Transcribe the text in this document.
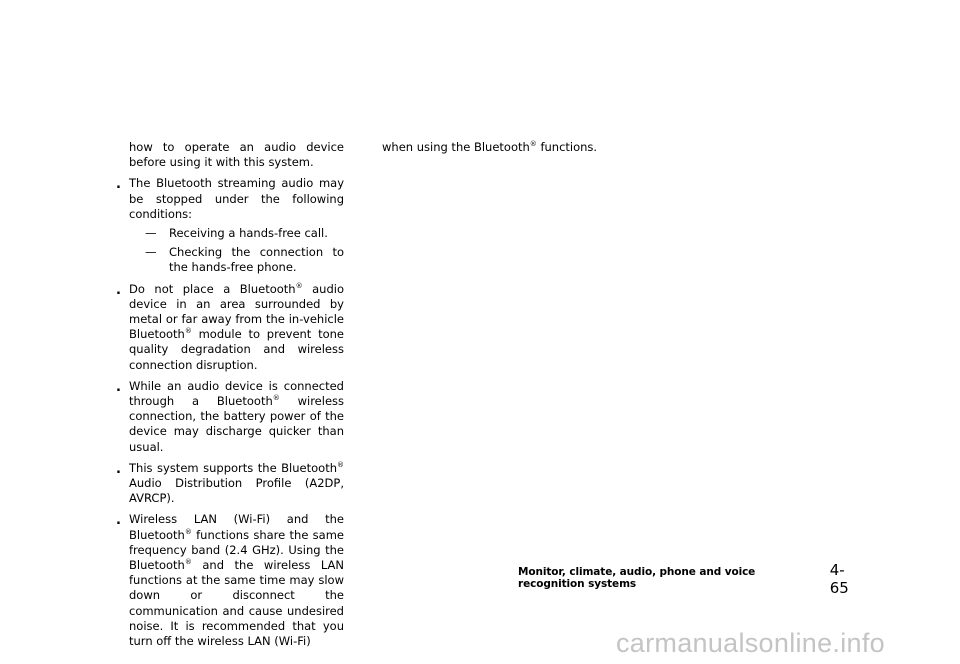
how to operate an audio device before using it with this system.
. The Bluetooth streaming audio may be stopped under the following conditions:
— Receiving a hands-free call.
— Checking the connection to the hands-free phone.
. Do not place a Bluetooth® audio device in an area surrounded by metal or far away from the in-vehicle Bluetooth® module to prevent tone quality degradation and wireless connection disruption.
. While an audio device is connected through a Bluetooth® wireless connection, the battery power of the device may discharge quicker than usual.
. This system supports the Bluetooth® Audio Distribution Profile (A2DP, AVRCP).
. Wireless LAN (Wi-Fi) and the Bluetooth® functions share the same frequency band (2.4 GHz). Using the Bluetooth® and the wireless LAN functions at the same time may slow down or disconnect the communication and cause undesired noise. It is recommended that you turn off the wireless LAN (Wi-Fi)
when using the Bluetooth® functions.
Monitor, climate, audio, phone and voice recognition systems
4-65
carmanualsonline.info
